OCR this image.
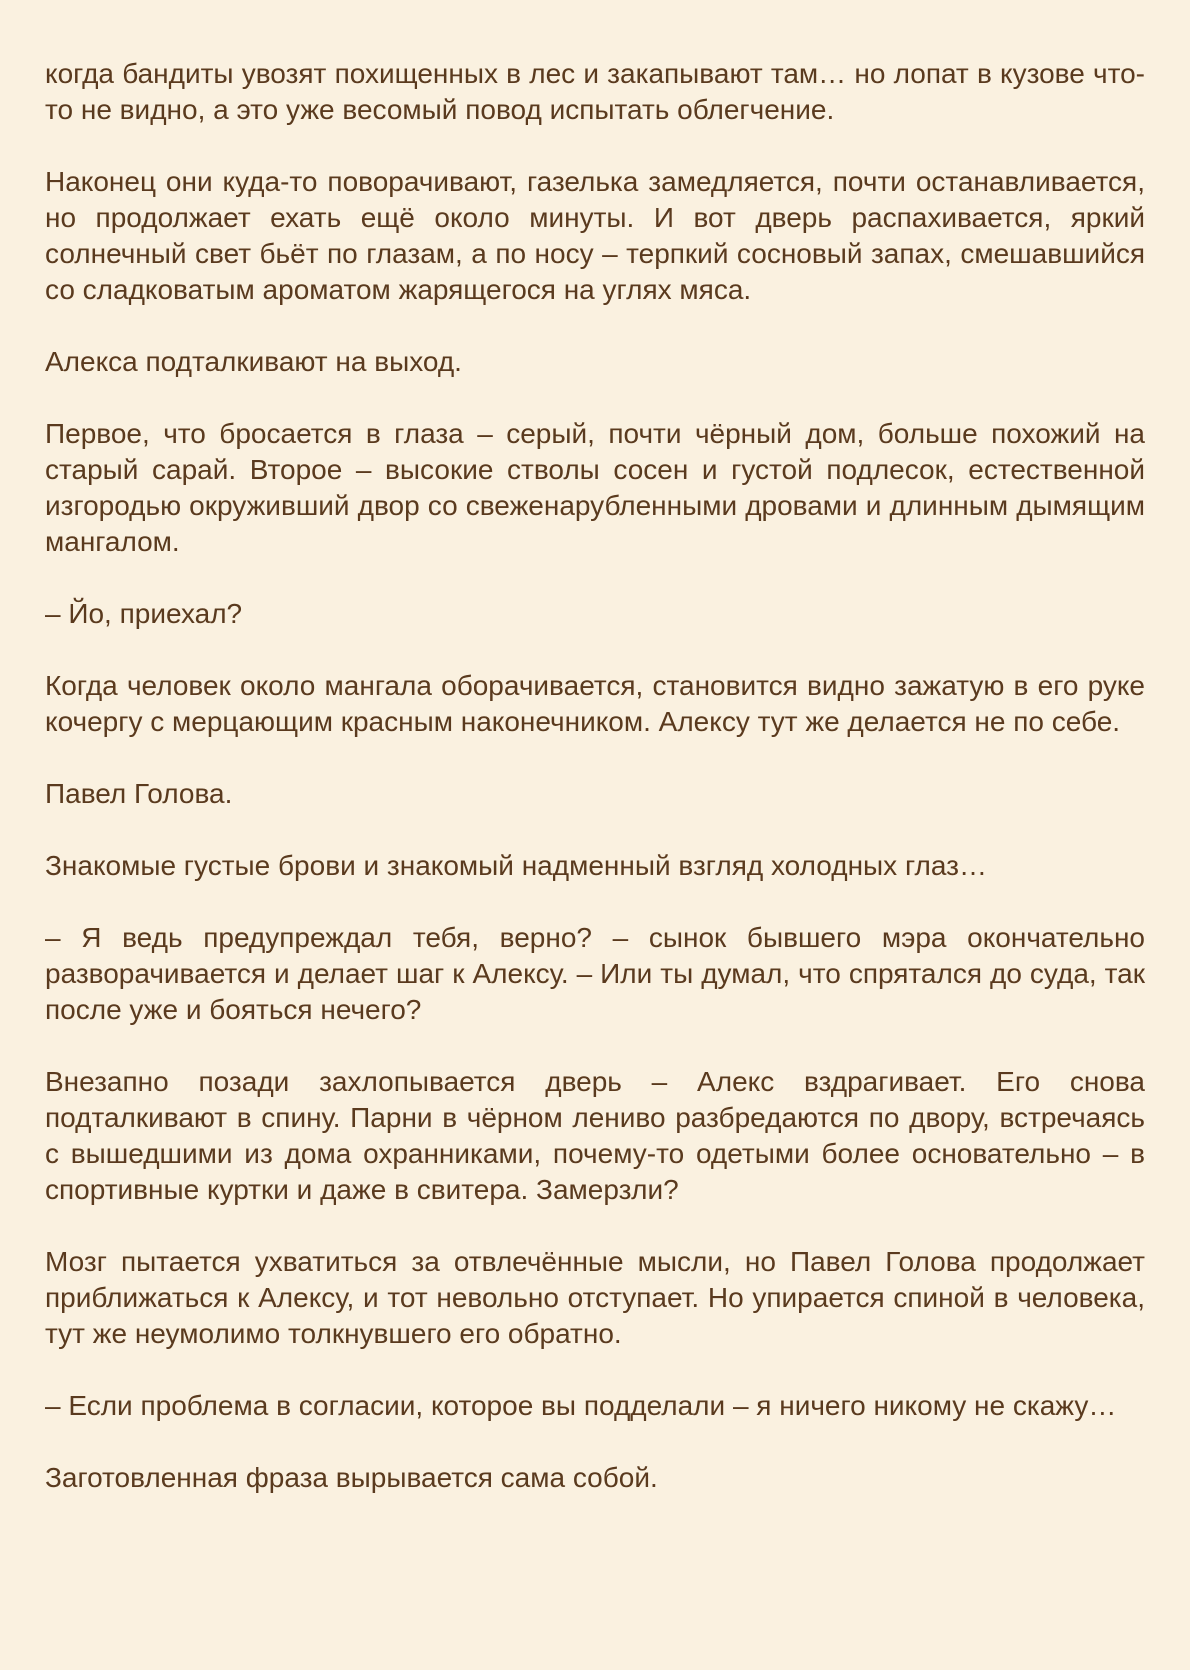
когда бандиты увозят похищенных в лес и закапывают там… но лопат в кузове что-то не видно, а это уже весомый повод испытать облегчение.

Наконец они куда-то поворачивают, газелька замедляется, почти останавливается, но продолжает ехать ещё около минуты. И вот дверь распахивается, яркий солнечный свет бьёт по глазам, а по носу – терпкий сосновый запах, смешавшийся со сладковатым ароматом жарящегося на углях мяса.

Алекса подталкивают на выход.

Первое, что бросается в глаза – серый, почти чёрный дом, больше похожий на старый сарай. Второе – высокие стволы сосен и густой подлесок, естественной изгородью окруживший двор со свеженарубленными дровами и длинным дымящим мангалом.

– Йо, приехал?

Когда человек около мангала оборачивается, становится видно зажатую в его руке кочергу с мерцающим красным наконечником. Алексу тут же делается не по себе.

Павел Голова.

Знакомые густые брови и знакомый надменный взгляд холодных глаз…

– Я ведь предупреждал тебя, верно? – сынок бывшего мэра окончательно разворачивается и делает шаг к Алексу. – Или ты думал, что спрятался до суда, так после уже и бояться нечего?

Внезапно позади захлопывается дверь – Алекс вздрагивает. Его снова подталкивают в спину. Парни в чёрном лениво разбредаются по двору, встречаясь с вышедшими из дома охранниками, почему-то одетыми более основательно – в спортивные куртки и даже в свитера. Замерзли?

Мозг пытается ухватиться за отвлечённые мысли, но Павел Голова продолжает приближаться к Алексу, и тот невольно отступает. Но упирается спиной в человека, тут же неумолимо толкнувшего его обратно.

– Если проблема в согласии, которое вы подделали – я ничего никому не скажу…

Заготовленная фраза вырывается сама собой.
